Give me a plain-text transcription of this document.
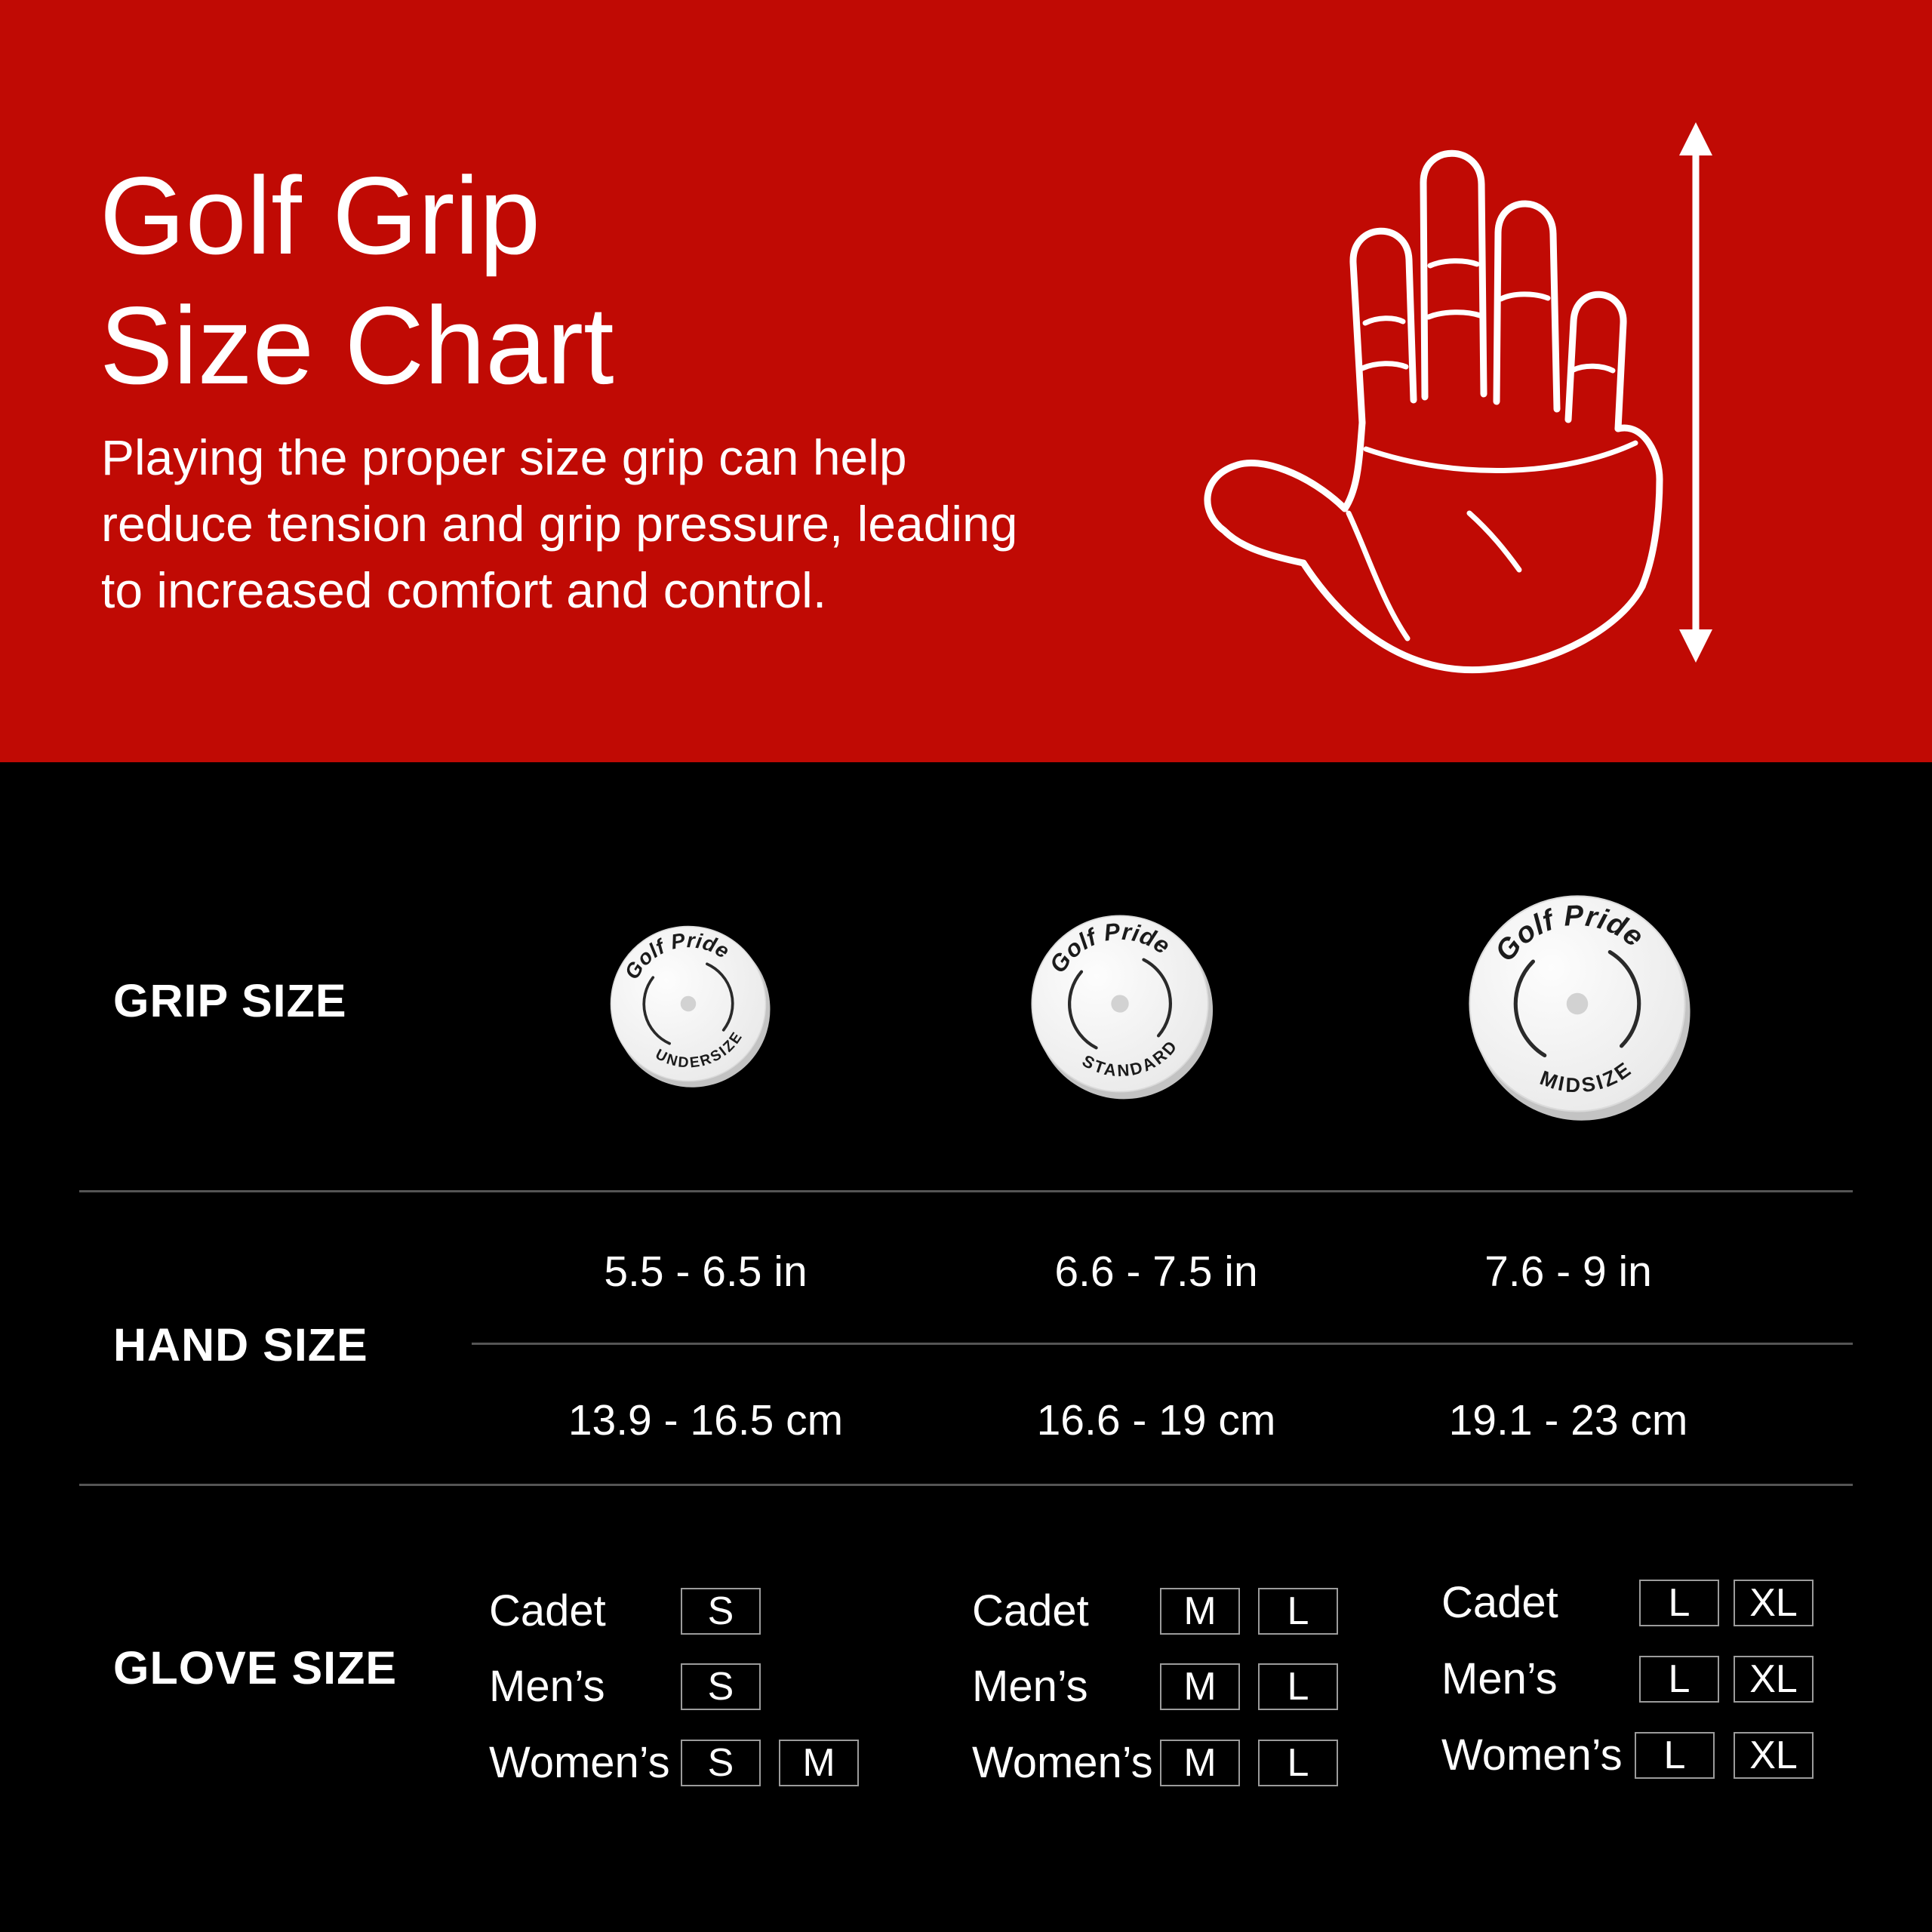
Golf Grip
Size Chart

Playing the proper size grip can help
reduce tension and grip pressure, leading
to increased comfort and control.

GRIP SIZE
Golf Pride
UNDERSIZE
Golf Pride
STANDARD
Golf Pride
MIDSIZE
HAND SIZE
5.5 - 6.5 in	6.6 - 7.5 in	7.6 - 9 in
13.9 - 16.5 cm	16.6 - 19 cm	19.1 - 23 cm
GLOVE SIZE
Cadet	S
Men’s	S
Women’s S	M
Cadet	M	L
Men’s	M	L
Women’s M	L
Cadet	L	XL
Men’s	L	XL
Women’s	L	XL
